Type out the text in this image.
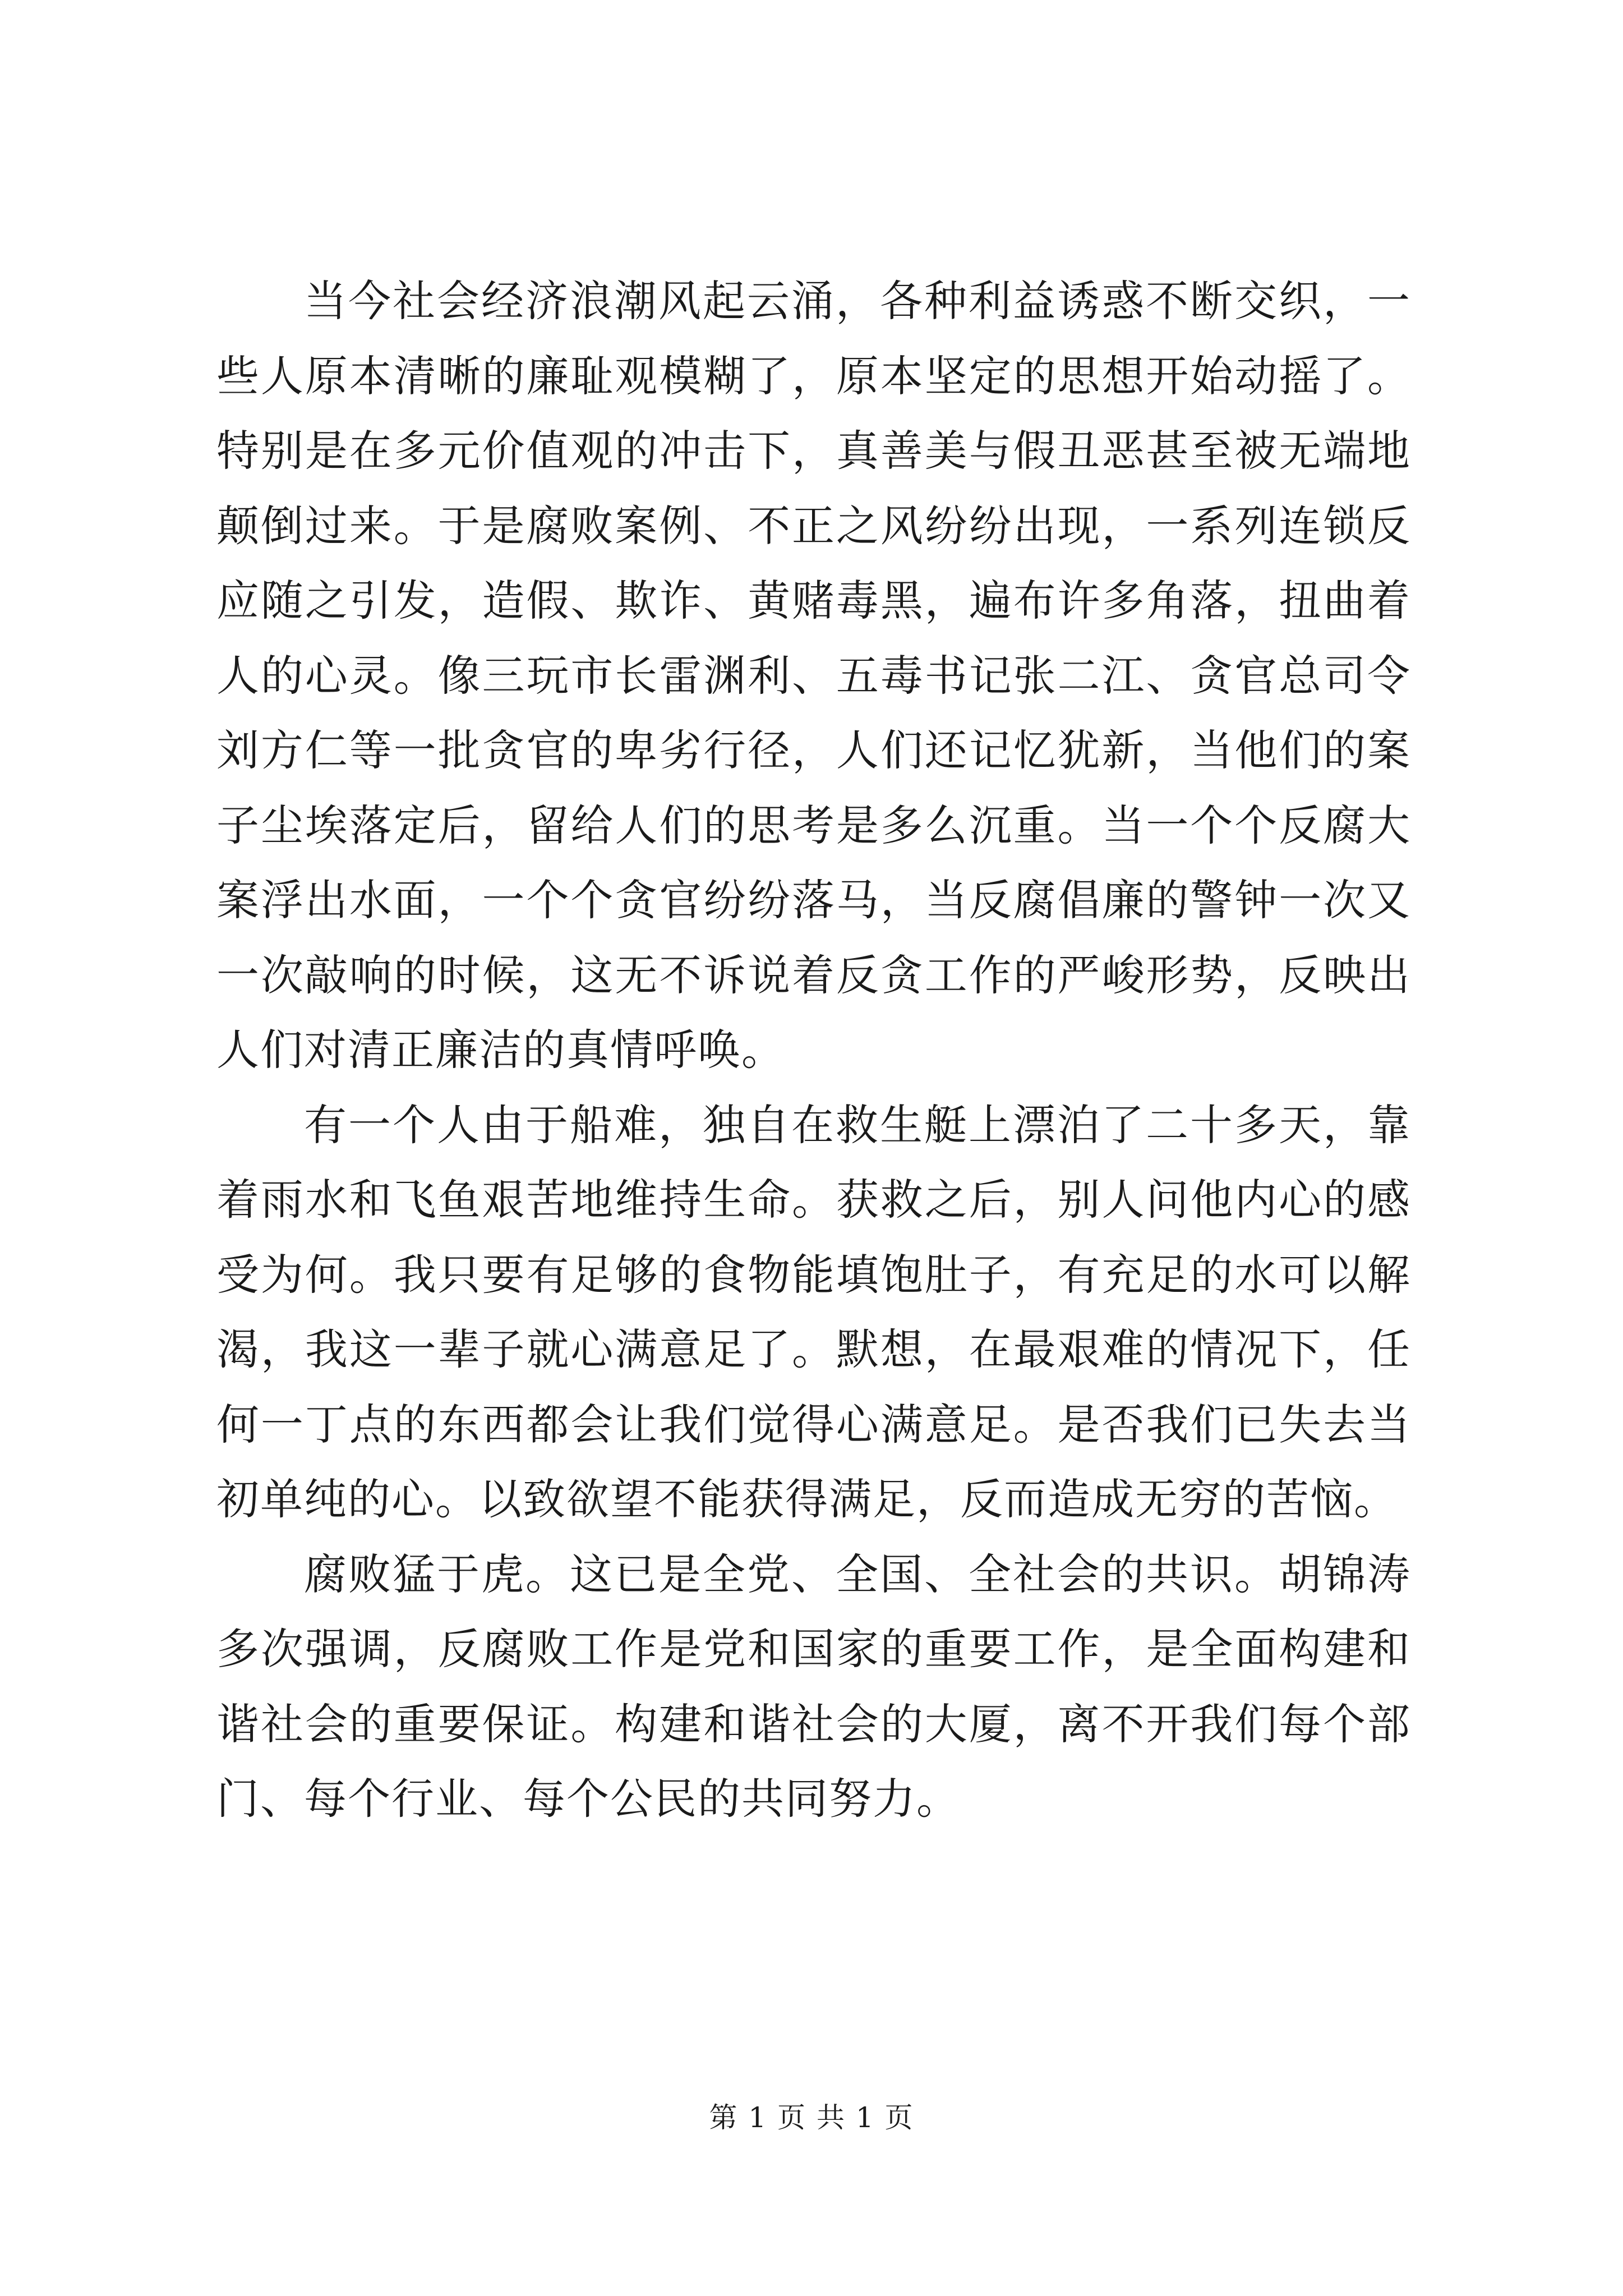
当今社会经济浪潮风起云涌，各种利益诱惑不断交织，一些人原本清晰的廉耻观模糊了，原本坚定的思想开始动摇了。特别是在多元价值观的冲击下，真善美与假丑恶甚至被无端地颠倒过来。于是腐败案例、不正之风纷纷出现，一系列连锁反应随之引发，造假、欺诈、黄赌毒黑，遍布许多角落，扭曲着人的心灵。像三玩市长雷渊利、五毒书记张二江、贪官总司令刘方仁等一批贪官的卑劣行径，人们还记忆犹新，当他们的案子尘埃落定后，留给人们的思考是多么沉重。当一个个反腐大案浮出水面，一个个贪官纷纷落马，当反腐倡廉的警钟一次又一次敲响的时候，这无不诉说着反贪工作的严峻形势，反映出人们对清正廉洁的真情呼唤。

有一个人由于船难，独自在救生艇上漂泊了二十多天，靠着雨水和飞鱼艰苦地维持生命。获救之后，别人问他内心的感受为何。我只要有足够的食物能填饱肚子，有充足的水可以解渴，我这一辈子就心满意足了。默想，在最艰难的情况下，任何一丁点的东西都会让我们觉得心满意足。是否我们已失去当初单纯的心。以致欲望不能获得满足，反而造成无穷的苦恼。

腐败猛于虎。这已是全党、全国、全社会的共识。胡锦涛多次强调，反腐败工作是党和国家的重要工作，是全面构建和谐社会的重要保证。构建和谐社会的大厦，离不开我们每个部门、每个行业、每个公民的共同努力。

第 1 页 共 1 页
